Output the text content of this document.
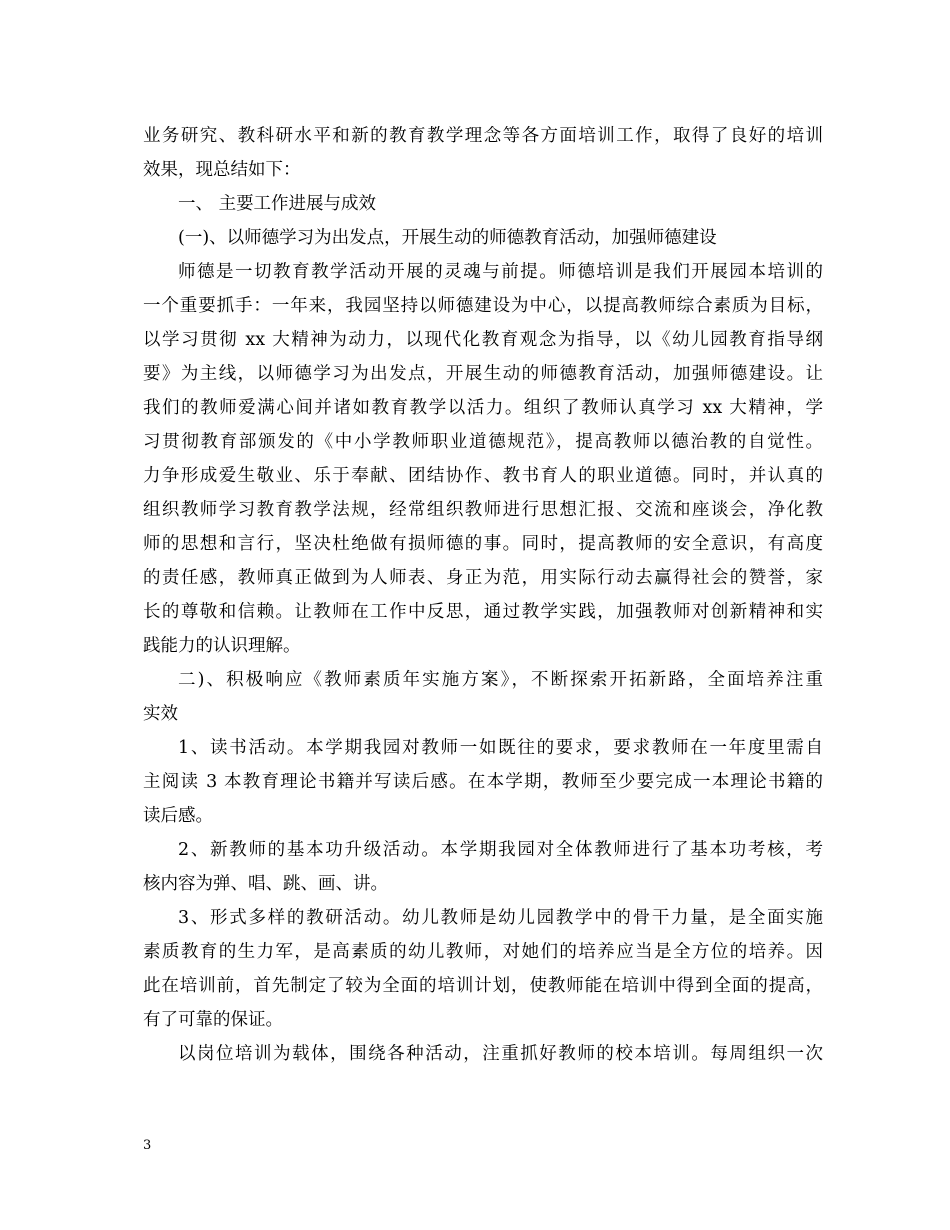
业务研究、教科研水平和新的教育教学理念等各方面培训工作，取得了良好的培训
效果，现总结如下：
一、 主要工作进展与成效
(一)、以师德学习为出发点，开展生动的师德教育活动，加强师德建设
师德是一切教育教学活动开展的灵魂与前提。师德培训是我们开展园本培训的
一个重要抓手：一年来，我园坚持以师德建设为中心，以提高教师综合素质为目标，
以学习贯彻 xx 大精神为动力，以现代化教育观念为指导，以《幼儿园教育指导纲
要》为主线，以师德学习为出发点，开展生动的师德教育活动，加强师德建设。让
我们的教师爱满心间并诸如教育教学以活力。组织了教师认真学习 xx 大精神，学
习贯彻教育部颁发的《中小学教师职业道德规范》，提高教师以德治教的自觉性。
力争形成爱生敬业、乐于奉献、团结协作、教书育人的职业道德。同时，并认真的
组织教师学习教育教学法规，经常组织教师进行思想汇报、交流和座谈会，净化教
师的思想和言行，坚决杜绝做有损师德的事。同时，提高教师的安全意识，有高度
的责任感，教师真正做到为人师表、身正为范，用实际行动去赢得社会的赞誉，家
长的尊敬和信赖。让教师在工作中反思，通过教学实践，加强教师对创新精神和实
践能力的认识理解。
二)、积极响应《教师素质年实施方案》，不断探索开拓新路，全面培养注重
实效
1、读书活动。本学期我园对教师一如既往的要求，要求教师在一年度里需自
主阅读 3 本教育理论书籍并写读后感。在本学期，教师至少要完成一本理论书籍的
读后感。
2、新教师的基本功升级活动。本学期我园对全体教师进行了基本功考核，考
核内容为弹、唱、跳、画、讲。
3、形式多样的教研活动。幼儿教师是幼儿园教学中的骨干力量，是全面实施
素质教育的生力军，是高素质的幼儿教师，对她们的培养应当是全方位的培养。因
此在培训前，首先制定了较为全面的培训计划，使教师能在培训中得到全面的提高，
有了可靠的保证。
以岗位培训为载体，围绕各种活动，注重抓好教师的校本培训。每周组织一次
3
